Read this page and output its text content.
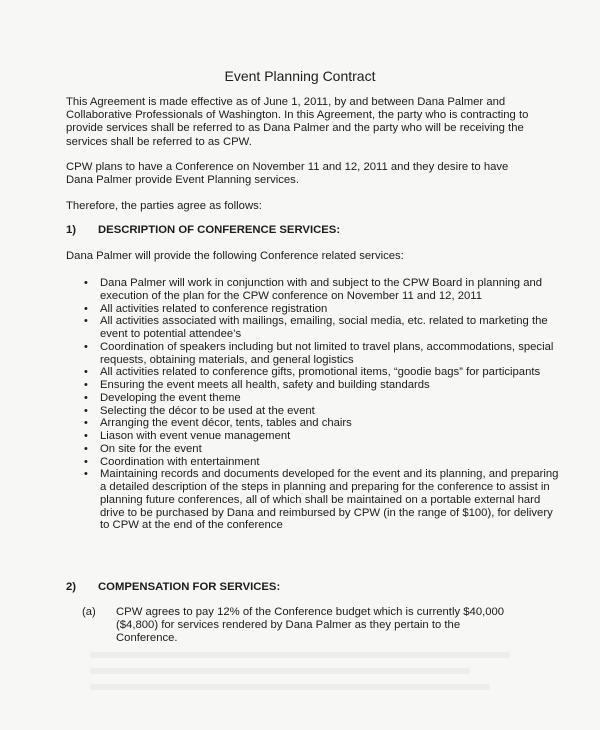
Event Planning Contract

This Agreement is made effective as of June 1, 2011, by and between Dana Palmer and Collaborative Professionals of Washington. In this Agreement, the party who is contracting to provide services shall be referred to as Dana Palmer and the party who will be receiving the services shall be referred to as CPW.

CPW plans to have a Conference on November 11 and 12, 2011 and they desire to have Dana Palmer provide Event Planning services.

Therefore, the parties agree as follows:

1) DESCRIPTION OF CONFERENCE SERVICES:

Dana Palmer will provide the following Conference related services:

• Dana Palmer will work in conjunction with and subject to the CPW Board in planning and execution of the plan for the CPW conference on November 11 and 12, 2011
• All activities related to conference registration
• All activities associated with mailings, emailing, social media, etc. related to marketing the event to potential attendee’s
• Coordination of speakers including but not limited to travel plans, accommodations, special requests, obtaining materials, and general logistics
• All activities related to conference gifts, promotional items, “goodie bags” for participants
• Ensuring the event meets all health, safety and building standards
• Developing the event theme
• Selecting the décor to be used at the event
• Arranging the event décor, tents, tables and chairs
• Liason with event venue management
• On site for the event
• Coordination with entertainment
• Maintaining records and documents developed for the event and its planning, and preparing a detailed description of the steps in planning and preparing for the conference to assist in planning future conferences, all of which shall be maintained on a portable external hard drive to be purchased by Dana and reimbursed by CPW (in the range of $100), for delivery to CPW at the end of the conference
2) COMPENSATION FOR SERVICES:
(a)	CPW agrees to pay 12% of the Conference budget which is currently $40,000 ($4,800) for services rendered by Dana Palmer as they pertain to the Conference.
